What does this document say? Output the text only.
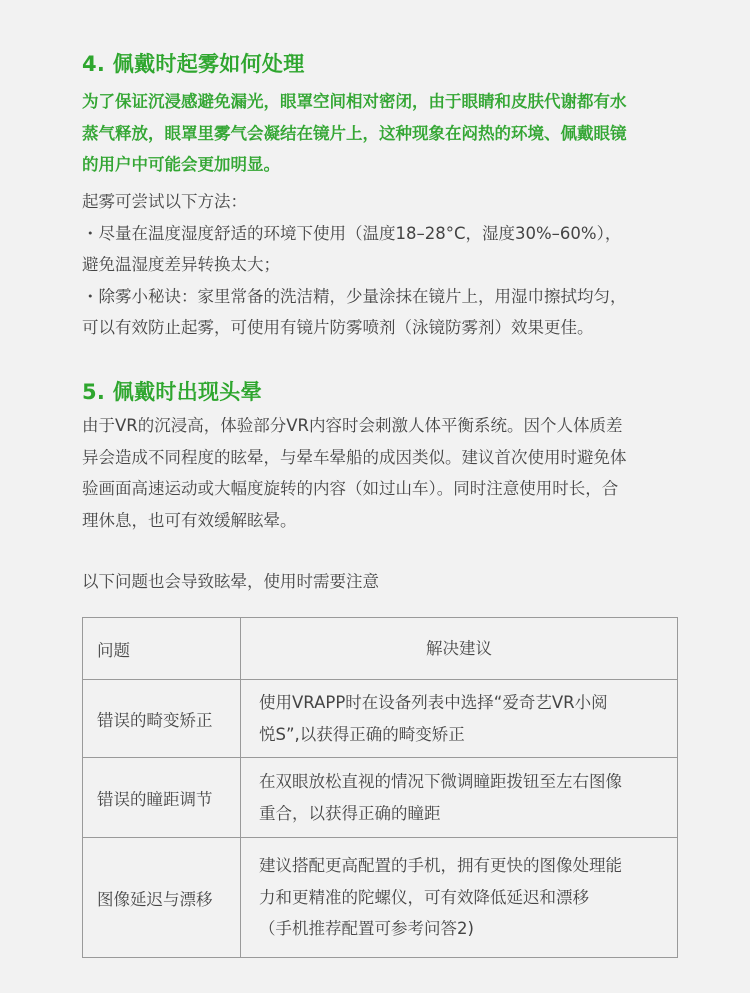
4. 佩戴时起雾如何处理
为了保证沉浸感避免漏光，眼罩空间相对密闭，由于眼睛和皮肤代谢都有水
蒸气释放，眼罩里雾气会凝结在镜片上，这种现象在闷热的环境、佩戴眼镜
的用户中可能会更加明显。
起雾可尝试以下方法：
・尽量在温度湿度舒适的环境下使用（温度18–28°C，湿度30%–60%），
避免温湿度差异转换太大；
・除雾小秘诀：家里常备的洗洁精，少量涂抹在镜片上，用湿巾擦拭均匀，
可以有效防止起雾，可使用有镜片防雾喷剂（泳镜防雾剂）效果更佳。
5. 佩戴时出现头晕
由于VR的沉浸高，体验部分VR内容时会刺激人体平衡系统。因个人体质差
异会造成不同程度的眩晕，与晕车晕船的成因类似。建议首次使用时避免体
验画面高速运动或大幅度旋转的内容（如过山车）。同时注意使用时长，合
理休息，也可有效缓解眩晕。
以下问题也会导致眩晕，使用时需要注意
问题	解决建议
错误的畸变矫正	使用VRAPP时在设备列表中选择“爱奇艺VR小阅
悦S”,以获得正确的畸变矫正

错误的瞳距调节	在双眼放松直视的情况下微调瞳距拨钮至左右图像
重合，以获得正确的瞳距

图像延迟与漂移	建议搭配更高配置的手机，拥有更快的图像处理能
力和更精准的陀螺仪，可有效降低延迟和漂移
（手机推荐配置可参考问答2)
